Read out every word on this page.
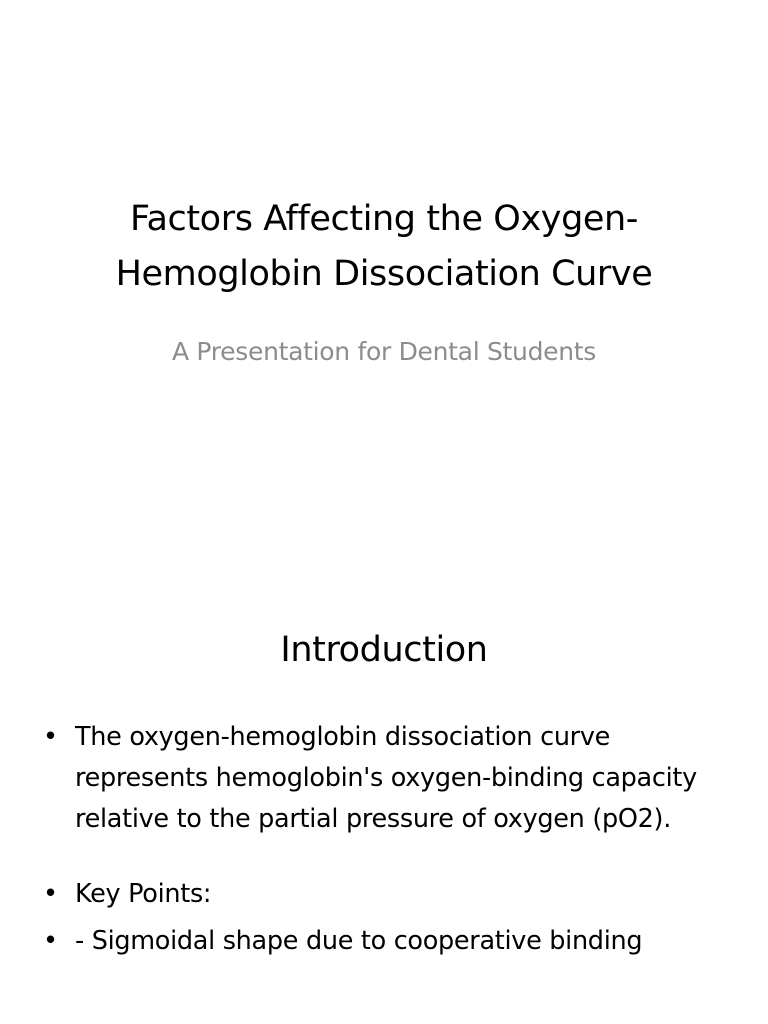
Factors Affecting the Oxygen-Hemoglobin Dissociation Curve
A Presentation for Dental Students
Introduction
• The oxygen-hemoglobin dissociation curve represents hemoglobin's oxygen-binding capacity relative to the partial pressure of oxygen (pO2).
• Key Points:
• - Sigmoidal shape due to cooperative binding
